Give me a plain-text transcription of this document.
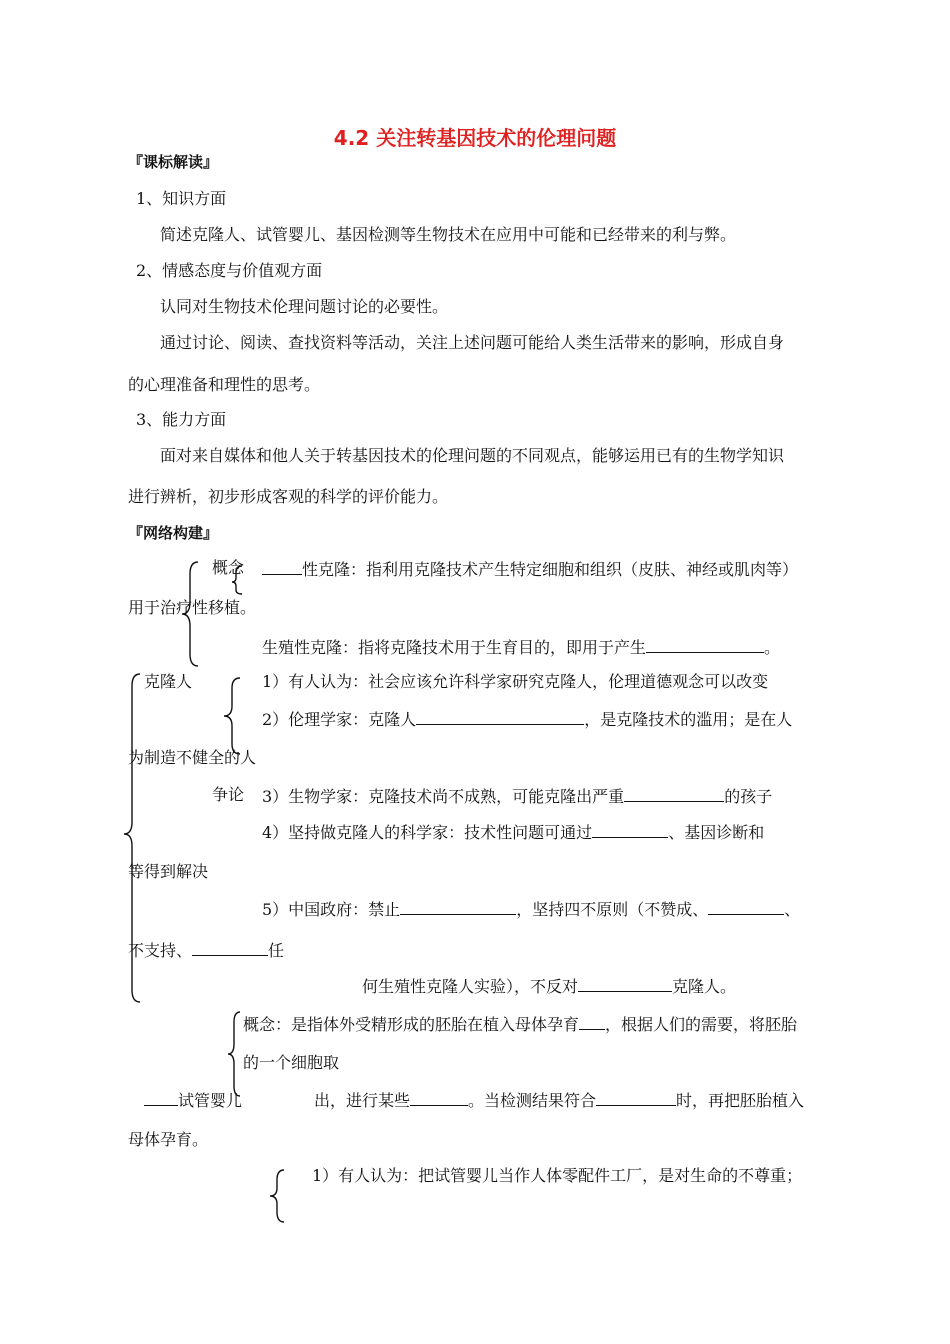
4.2 关注转基因技术的伦理问题
『课标解读』
1、知识方面
简述克隆人、试管婴儿、基因检测等生物技术在应用中可能和已经带来的利与弊。
2、情感态度与价值观方面
认同对生物技术伦理问题讨论的必要性。
通过讨论、阅读、查找资料等活动，关注上述问题可能给人类生活带来的影响，形成自身
的心理准备和理性的思考。
3、能力方面
面对来自媒体和他人关于转基因技术的伦理问题的不同观点，能够运用已有的生物学知识
进行辨析，初步形成客观的科学的评价能力。
『网络构建』
概念	性克隆：指利用克隆技术产生特定细胞和组织（皮肤、神经或肌肉等）
用于治疗性移植。
生殖性克隆：指将克隆技术用于生育目的，即用于产生	。
克隆人	1）有人认为：社会应该允许科学家研究克隆人，伦理道德观念可以改变
2）伦理学家：克隆人	，是克隆技术的滥用；是在人
为制造不健全的人
争论 3）生物学家：克隆技术尚不成熟，可能克隆出严重	的孩子
4）坚持做克隆人的科学家：技术性问题可通过	、基因诊断和
等得到解决
5）中国政府：禁止	，坚持四不原则（不赞成、	、
不支持、	任
何生殖性克隆人实验），不反对	克隆人。
概念：是指体外受精形成的胚胎在植入母体孕育 ，根据人们的需要，将胚胎
的一个细胞取
试管婴儿	出，进行某些	。当检测结果符合	时，再把胚胎植入
母体孕育。
1）有人认为：把试管婴儿当作人体零配件工厂，是对生命的不尊重；
